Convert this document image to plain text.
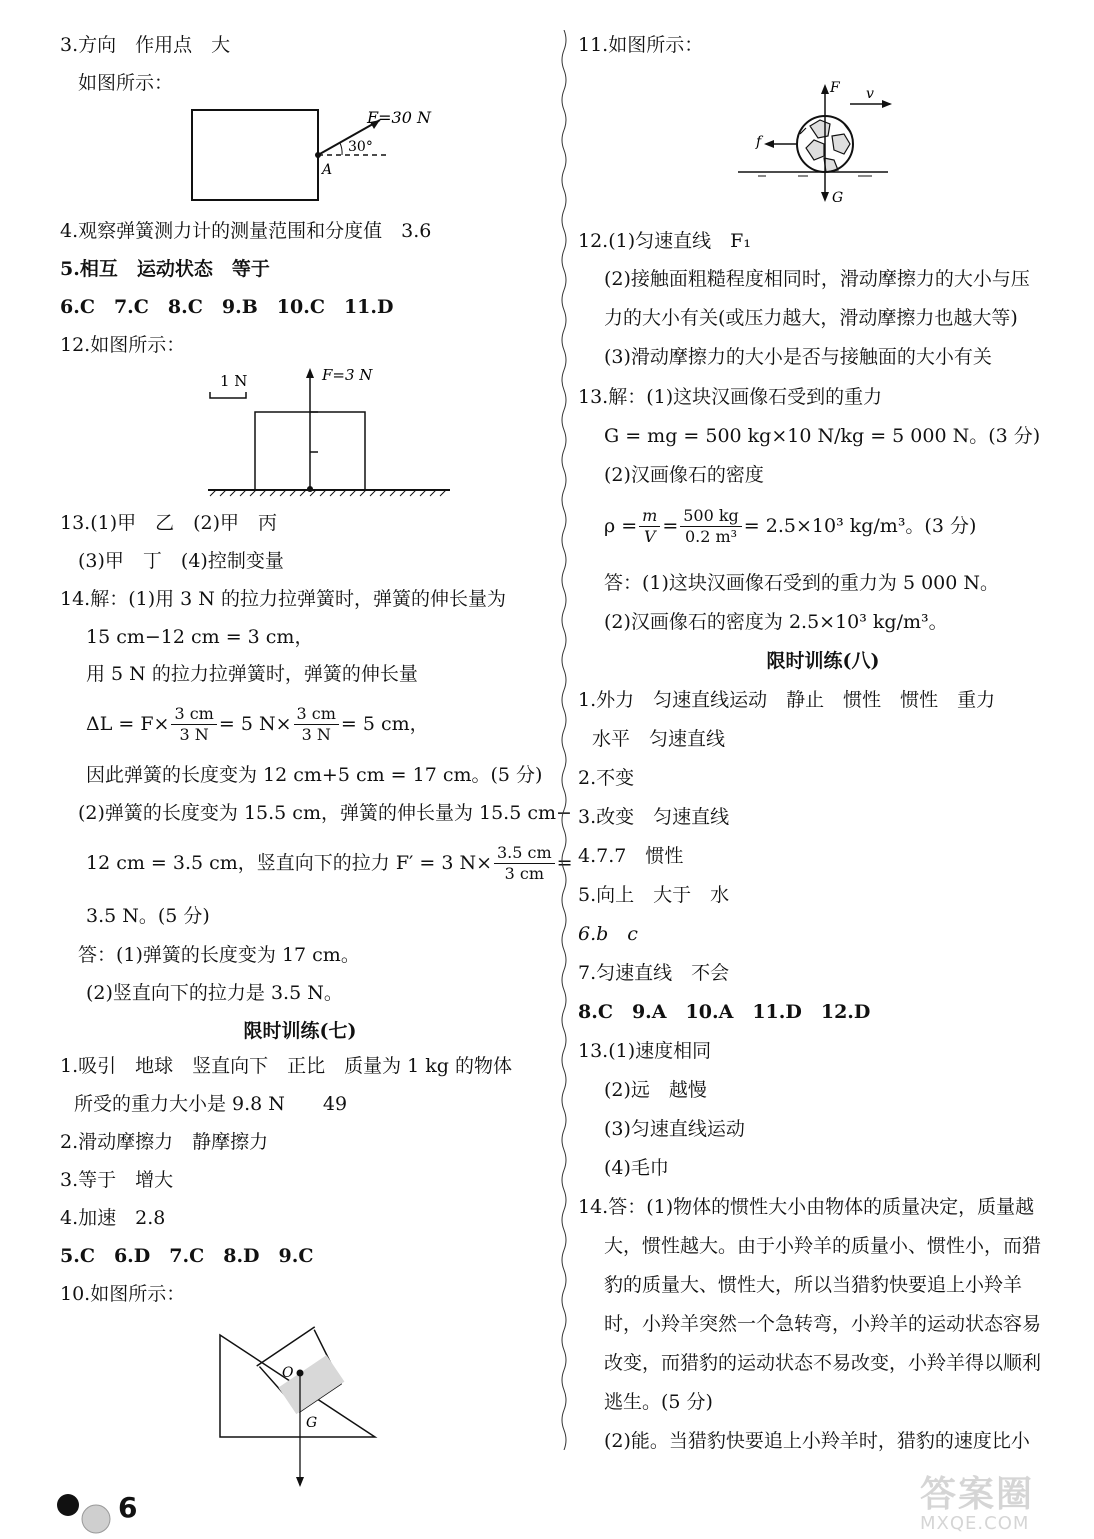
3.方向　作用点　大
如图所示：
F=30 N
30°
A
4.观察弹簧测力计的测量范围和分度值　3.6
5.相互　运动状态　等于
6.C　7.C　8.C　9.B　10.C　11.D
12.如图所示：
1 N	F=3 N
13.(1)甲　乙　(2)甲　丙
(3)甲　丁　(4)控制变量
14.解：(1)用 3 N 的拉力拉弹簧时，弹簧的伸长量为
15 cm−12 cm = 3 cm，
用 5 N 的拉力拉弹簧时，弹簧的伸长量
$\Delta L = F\times \frac{3 cm}{3 N} = 5$ $N\times \frac{3 cm}{3 N} = 5$ cm，
因此弹簧的长度变为 12 cm+5 cm = 17 cm。(5 分)
(2)弹簧的长度变为 15.5 cm，弹簧的伸长量为 15.5 cm−
12 cm = 3.5 cm，竖直向下的拉力 F′ = 3 $N\times \frac{3.5 cm}{3 cm}$ =
3.5 N。(5 分)
答：(1)弹簧的长度变为 17 cm。
(2)竖直向下的拉力是 3.5 N。
限时训练(七)
1.吸引　地球　竖直向下　正比　质量为 1 kg 的物体
所受的重力大小是 9.8 N　　49
2.滑动摩擦力　静摩擦力
3.等于　增大
4.加速　2.8
5.C　6.D　7.C　8.D　9.C
10.如图所示：
O
G
11.如图所示：
F
G
f
v
12.(1)匀速直线　F₁
(2)接触面粗糙程度相同时，滑动摩擦力的大小与压
力的大小有关(或压力越大，滑动摩擦力也越大等)
(3)滑动摩擦力的大小是否与接触面的大小有关
13.解：(1)这块汉画像石受到的重力
G = mg = 500 kg×10 N/kg = 5 000 N。(3 分)
(2)汉画像石的密度
$\rho = \frac{m}{V} = \frac{500 kg}{\text{0.2 m³}} = 2.5\times 10^3$ kg/m³。(3 分)
答：(1)这块汉画像石受到的重力为 5 000 N。
(2)汉画像石的密度为 2.5×10³ kg/m³。
限时训练(八)
1.外力　匀速直线运动　静止　惯性　惯性　重力
水平　匀速直线
2.不变
3.改变　匀速直线
4.7.7　惯性
5.向上　大于　水
6.b　c
7.匀速直线　不会
8.C　9.A　10.A　11.D　12.D
13.(1)速度相同
(2)远　越慢
(3)匀速直线运动
(4)毛巾
14.答：(1)物体的惯性大小由物体的质量决定，质量越
大，惯性越大。由于小羚羊的质量小、惯性小，而猎
豹的质量大、惯性大，所以当猎豹快要追上小羚羊
时，小羚羊突然一个急转弯，小羚羊的运动状态容易
改变，而猎豹的运动状态不易改变，小羚羊得以顺利
逃生。(5 分)
(2)能。当猎豹快要追上小羚羊时，猎豹的速度比小
6	答案圈
MXQE.COM
